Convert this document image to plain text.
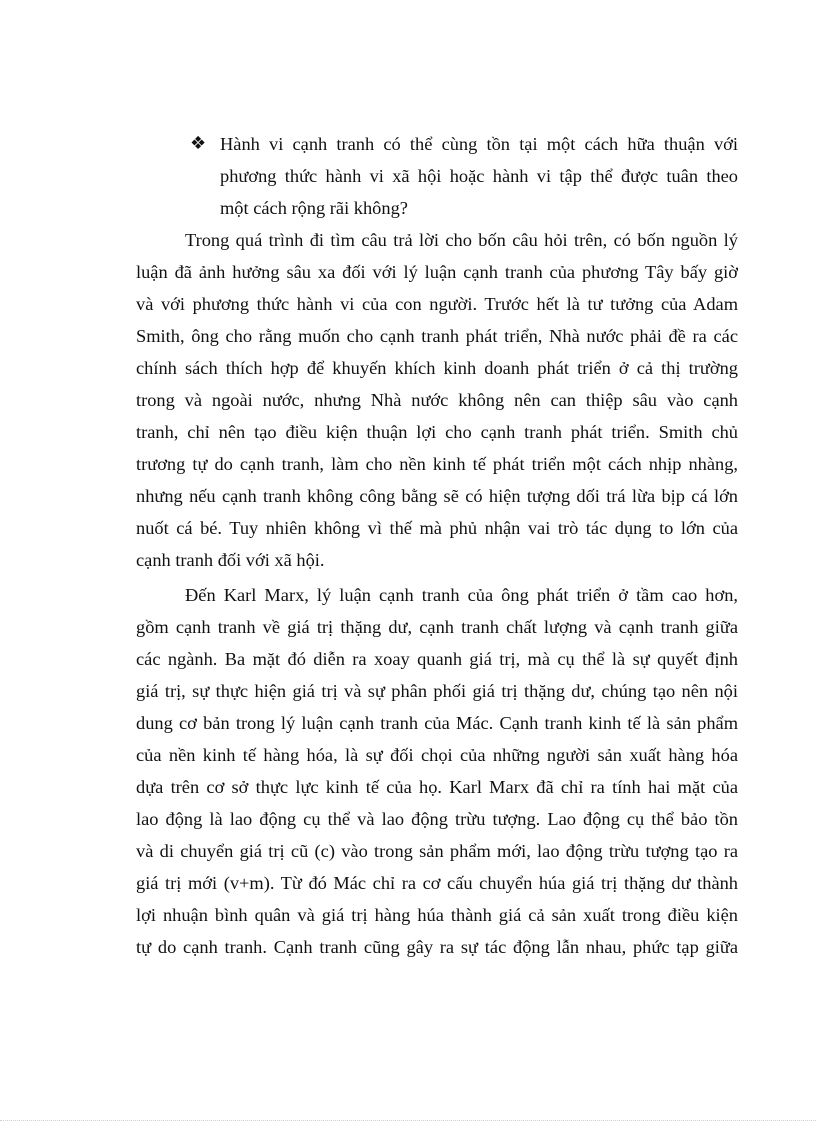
❖ Hành vi cạnh tranh có thể cùng tồn tại một cách hữa thuận với
phương thức hành vi xã hội hoặc hành vi tập thể được tuân theo
một cách rộng rãi không?
Trong quá trình đi tìm câu trả lời cho bốn câu hỏi trên, có bốn nguồn lý
luận đã ảnh hưởng sâu xa đối với lý luận cạnh tranh của phương Tây bấy giờ
và với phương thức hành vi của con người. Trước hết là tư tưởng của Adam
Smith, ông cho rằng muốn cho cạnh tranh phát triển, Nhà nước phải đề ra các
chính sách thích hợp để khuyến khích kinh doanh phát triển ở cả thị trường
trong và ngoài nước, nhưng Nhà nước không nên can thiệp sâu vào cạnh
tranh, chỉ nên tạo điều kiện thuận lợi cho cạnh tranh phát triển. Smith chủ
trương tự do cạnh tranh, làm cho nền kinh tế phát triển một cách nhịp nhàng,
nhưng nếu cạnh tranh không công bằng sẽ có hiện tượng dối trá lừa bịp cá lớn
nuốt cá bé. Tuy nhiên không vì thế mà phủ nhận vai trò tác dụng to lớn của
cạnh tranh đối với xã hội.
Đến Karl Marx, lý luận cạnh tranh của ông phát triển ở tầm cao hơn,
gồm cạnh tranh về giá trị thặng dư, cạnh tranh chất lượng và cạnh tranh giữa
các ngành. Ba mặt đó diễn ra xoay quanh giá trị, mà cụ thể là sự quyết định
giá trị, sự thực hiện giá trị và sự phân phối giá trị thặng dư, chúng tạo nên nội
dung cơ bản trong lý luận cạnh tranh của Mác. Cạnh tranh kinh tế là sản phẩm
của nền kinh tế hàng hóa, là sự đối chọi của những người sản xuất hàng hóa
dựa trên cơ sở thực lực kinh tế của họ. Karl Marx đã chỉ ra tính hai mặt của
lao động là lao động cụ thể và lao động trừu tượng. Lao động cụ thể bảo tồn
và di chuyển giá trị cũ (c) vào trong sản phẩm mới, lao động trừu tượng tạo ra
giá trị mới (v+m). Từ đó Mác chỉ ra cơ cấu chuyển húa giá trị thặng dư thành
lợi nhuận bình quân và giá trị hàng húa thành giá cả sản xuất trong điều kiện
tự do cạnh tranh. Cạnh tranh cũng gây ra sự tác động lẫn nhau, phức tạp giữa
